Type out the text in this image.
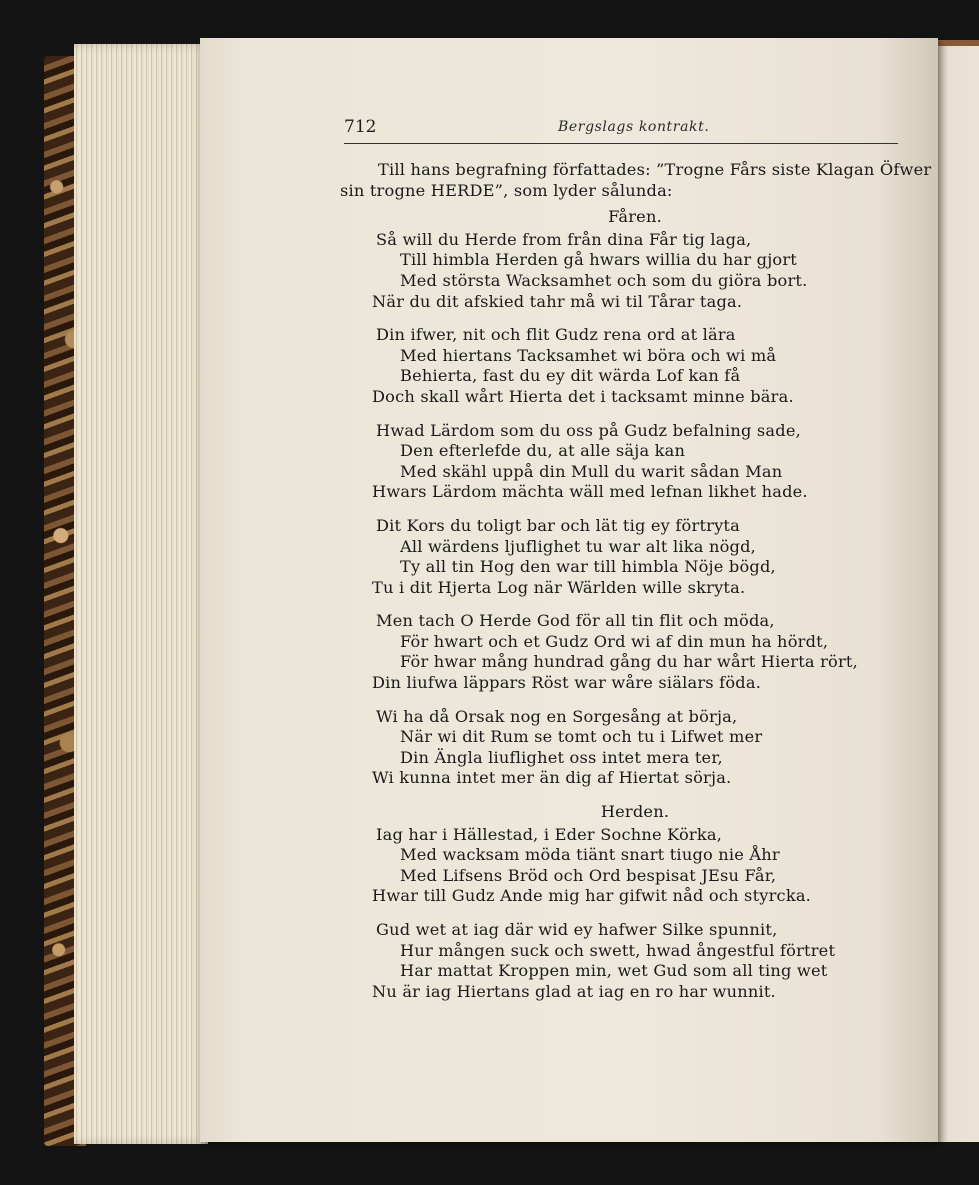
712	Bergslags kontrakt.

Till hans begrafning författades: ”Trogne Fårs siste Klagan Öfwer
sin trogne HERDE”, som lyder sålunda:

Fåren.
Så will du Herde from från dina Får tig laga,
Till himbla Herden gå hwars willia du har gjort
Med största Wacksamhet och som du giöra bort.
När du dit afskied tahr må wi til Tårar taga.
Din ifwer, nit och flit Gudz rena ord at lära
Med hiertans Tacksamhet wi böra och wi må
Behierta, fast du ey dit wärda Lof kan få
Doch skall wårt Hierta det i tacksamt minne bära.
Hwad Lärdom som du oss på Gudz befalning sade,
Den efterlefde du, at alle säja kan
Med skähl uppå din Mull du warit sådan Man
Hwars Lärdom mächta wäll med lefnan likhet hade.
Dit Kors du toligt bar och lät tig ey förtryta
All wärdens ljuflighet tu war alt lika nögd,
Ty all tin Hog den war till himbla Nöje bögd,
Tu i dit Hjerta Log när Wärlden wille skryta.
Men tach O Herde God för all tin flit och möda,
För hwart och et Gudz Ord wi af din mun ha hördt,
För hwar mång hundrad gång du har wårt Hierta rört,
Din liufwa läppars Röst war wåre siälars föda.
Wi ha då Orsak nog en Sorgesång at börja,
När wi dit Rum se tomt och tu i Lifwet mer
Din Ängla liuflighet oss intet mera ter,
Wi kunna intet mer än dig af Hiertat sörja.
Herden.
Iag har i Hällestad, i Eder Sochne Körka,
Med wacksam möda tiänt snart tiugo nie Åhr
Med Lifsens Bröd och Ord bespisat JEsu Får,
Hwar till Gudz Ande mig har gifwit nåd och styrcka.
Gud wet at iag där wid ey hafwer Silke spunnit,
Hur mången suck och swett, hwad ångestful förtret
Har mattat Kroppen min, wet Gud som all ting wet
Nu är iag Hiertans glad at iag en ro har wunnit.
